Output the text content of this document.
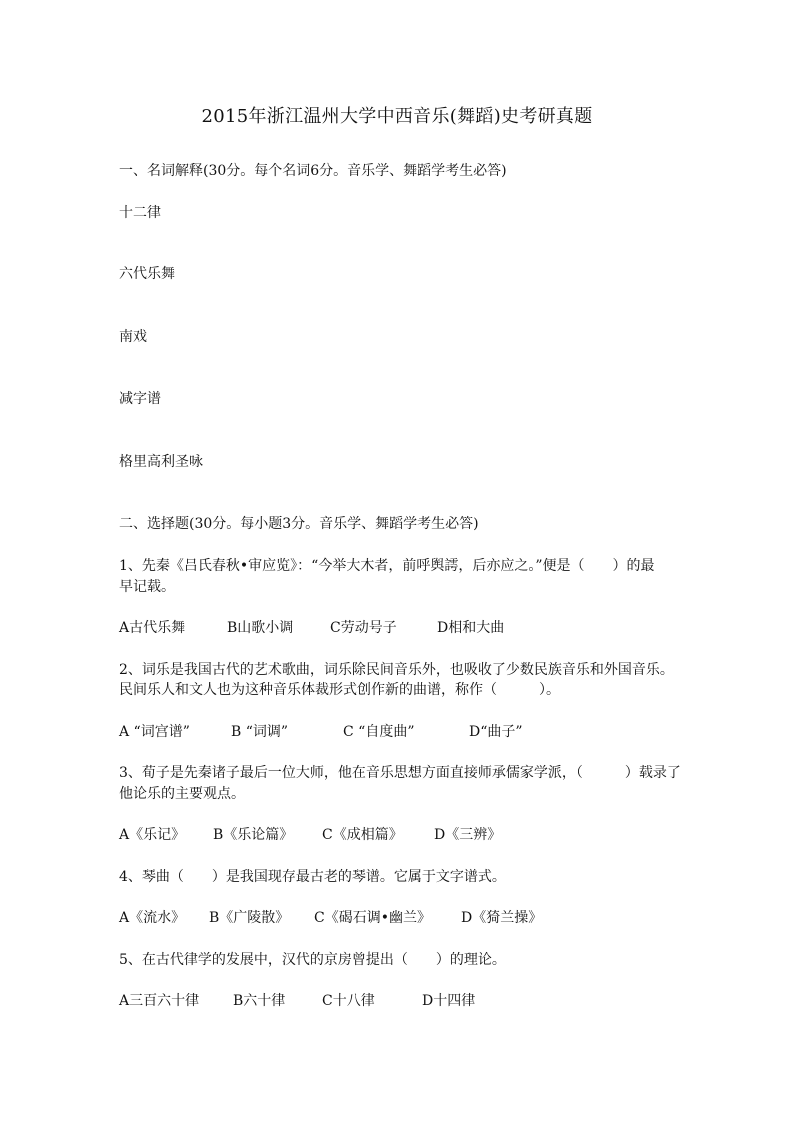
2015年浙江温州大学中西音乐(舞蹈)史考研真题
一、名词解释(30分。每个名词6分。音乐学、舞蹈学考生必答)
十二律
六代乐舞
南戏
减字谱
格里高利圣咏
二、选择题(30分。每小题3分。音乐学、舞蹈学考生必答)
1、先秦《吕氏春秋•审应览》：“今举大木者，前呼舆謣，后亦应之。”便是（　　）的最
早记载。
A古代乐舞	B山歌小调	C劳动号子	D相和大曲
2、词乐是我国古代的艺术歌曲，词乐除民间音乐外，也吸收了少数民族音乐和外国音乐。
民间乐人和文人也为这种音乐体裁形式创作新的曲谱，称作（　　　）。
A “词宫谱”	B “词调”	C “自度曲”	D“曲子”
3、荀子是先秦诸子最后一位大师，他在音乐思想方面直接师承儒家学派，（　　　）载录了
他论乐的主要观点。
A《乐记》 B《乐论篇》 C《成相篇》 D《三辨》
4、琴曲（　　）是我国现存最古老的琴谱。它属于文字谱式。
A《流水》 B《广陵散》 C《碣石调•幽兰》 D《猗兰操》
5、在古代律学的发展中，汉代的京房曾提出（　　）的理论。
A三百六十律 B六十律	C十八律	D十四律
